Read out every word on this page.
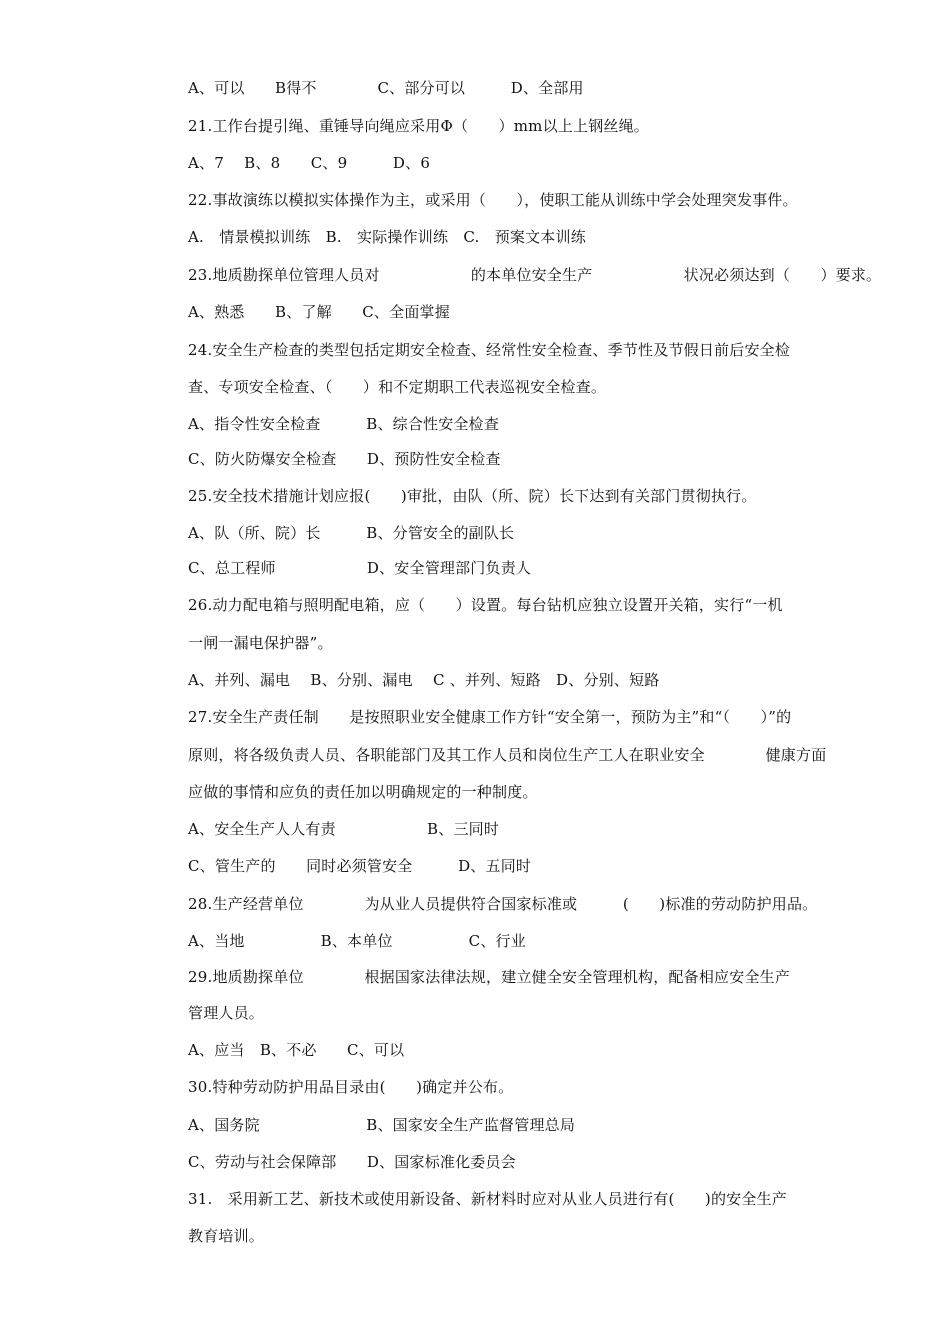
A、可以　　B得不　　　　C、部分可以　　　D、全部用
21.工作台提引绳、重锤导向绳应采用Φ（　　）mm以上上钢丝绳。
A、7　 B、8　　C、9　　　D、6
22.事故演练以模拟实体操作为主，或采用（　　），使职工能从训练中学会处理突发事件。
A.　情景模拟训练　B.　实际操作训练　C.　预案文本训练
23.地质勘探单位管理人员对　　　　　　的本单位安全生产　　　　　　状况必须达到（　　）要求。
A、熟悉　　B、了解　　C、全面掌握
24.安全生产检查的类型包括定期安全检查、经常性安全检查、季节性及节假日前后安全检
查、专项安全检查、（　　）和不定期职工代表巡视安全检查。
A、指令性安全检查　　　B、综合性安全检查
C、防火防爆安全检查　　D、预防性安全检查
25.安全技术措施计划应报(　　)审批，由队（所、院）长下达到有关部门贯彻执行。
A、队（所、院）长　　　B、分管安全的副队长
C、总工程师　　　　　　D、安全管理部门负责人
26.动力配电箱与照明配电箱，应（　　）设置。每台钻机应独立设置开关箱，实行“一机
一闸一漏电保护器”。
A、并列、漏电　 B、分别、漏电　 C 、并列、短路　D、分别、短路
27.安全生产责任制　　是按照职业安全健康工作方针“安全第一，预防为主”和“（　　）”的
原则，将各级负责人员、各职能部门及其工作人员和岗位生产工人在职业安全　　　　健康方面
应做的事情和应负的责任加以明确规定的一种制度。
A、安全生产人人有责　　　　　　B、三同时
C、管生产的　　同时必须管安全　　　D、五同时
28.生产经营单位　　　　为从业人员提供符合国家标准或　　　(　　)标准的劳动防护用品。
A、当地　　　　　B、本单位　　　　　C、行业
29.地质勘探单位　　　　根据国家法律法规，建立健全安全管理机构，配备相应安全生产
管理人员。
A、应当　B、不必　　C、可以
30.特种劳动防护用品目录由(　　)确定并公布。
A、国务院　　　　　　　B、国家安全生产监督管理总局
C、劳动与社会保障部　　D、国家标准化委员会
31.　采用新工艺、新技术或使用新设备、新材料时应对从业人员进行有(　　)的安全生产
教育培训。
